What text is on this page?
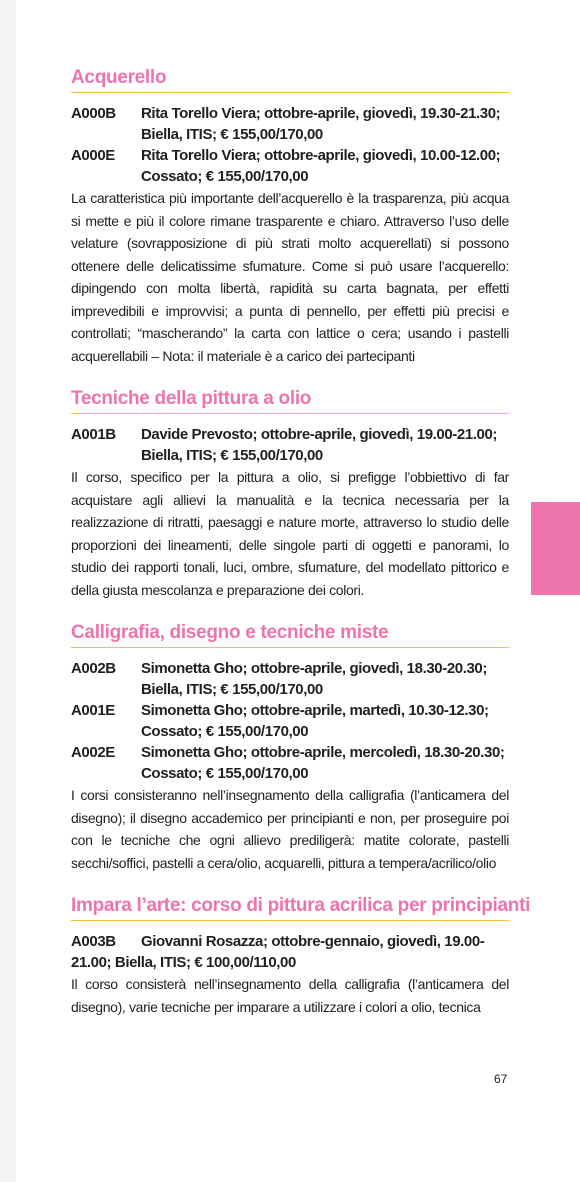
Acquerello
A000B	Rita Torello Viera; ottobre-aprile, giovedì, 19.30-21.30; Biella, ITIS; € 155,00/170,00
A000E	Rita Torello Viera; ottobre-aprile, giovedì, 10.00-12.00; Cossato; € 155,00/170,00

La caratteristica più importante dell’acquerello è la trasparenza, più acqua si mette e più il colore rimane trasparente e chiaro. Attraverso l’uso delle velature (sovrapposizione di più strati molto acquerellati) si possono ottenere delle delicatissime sfumature. Come si può usare l’acquerello: dipingendo con molta libertà, rapidità su carta bagnata, per effetti imprevedibili e improvvisi; a punta di pennello, per effetti più precisi e controllati; “mascherando” la carta con lattice o cera; usando i pastelli acquerellabili – Nota: il materiale è a carico dei partecipanti

Tecniche della pittura a olio
A001B	Davide Prevosto; ottobre-aprile, giovedì, 19.00-21.00; Biella, ITIS; € 155,00/170,00

Il corso, specifico per la pittura a olio, si prefigge l’obbiettivo di far acquistare agli allievi la manualità e la tecnica necessaria per la realizzazione di ritratti, paesaggi e nature morte, attraverso lo studio delle proporzioni dei lineamenti, delle singole parti di oggetti e panorami, lo studio dei rapporti tonali, luci, ombre, sfumature, del modellato pittorico e della giusta mescolanza e preparazione dei colori.

Calligrafia, disegno e tecniche miste
A002B	Simonetta Gho; ottobre-aprile, giovedì, 18.30-20.30; Biella, ITIS; € 155,00/170,00
A001E	Simonetta Gho; ottobre-aprile, martedì, 10.30-12.30; Cossato; € 155,00/170,00
A002E	Simonetta Gho; ottobre-aprile, mercoledì, 18.30-20.30; Cossato; € 155,00/170,00

I corsi consisteranno nell’insegnamento della calligrafia (l’anticamera del disegno); il disegno accademico per principianti e non, per proseguire poi con le tecniche che ogni allievo prediligerà: matite colorate, pastelli secchi/soffici, pastelli a cera/olio, acquarelli, pittura a tempera/acrilico/olio

Impara l’arte: corso di pittura acrilica per principianti
A003B Giovanni Rosazza; ottobre-gennaio, giovedì, 19.00-21.00; Biella, ITIS; € 100,00/110,00

Il corso consisterà nell’insegnamento della calligrafia (l’anticamera del disegno), varie tecniche per imparare a utilizzare i colori a olio, tecnica

67
